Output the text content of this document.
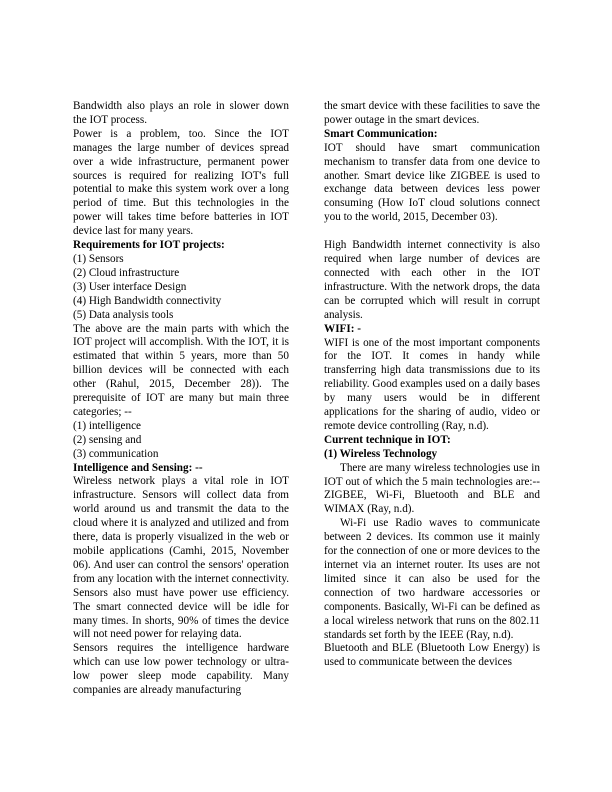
Bandwidth also plays an role in slower down the IOT process.

Power is a problem, too. Since the IOT manages the large number of devices spread over a wide infrastructure, permanent power sources is required for realizing IOT's full potential to make this system work over a long period of time. But this technologies in the power will takes time before batteries in IOT device last for many years.

Requirements for IOT projects:

(1) Sensors

(2) Cloud infrastructure

(3) User interface Design

(4) High Bandwidth connectivity

(5) Data analysis tools

The above are the main parts with which the IOT project will accomplish. With the IOT, it is estimated that within 5 years, more than 50 billion devices will be connected with each other (Rahul, 2015, December 28)). The prerequisite of IOT are many but main three categories; --

(1) intelligence

(2) sensing and

(3) communication

Intelligence and Sensing: --

Wireless network plays a vital role in IOT infrastructure. Sensors will collect data from world around us and transmit the data to the cloud where it is analyzed and utilized and from there, data is properly visualized in the web or mobile applications (Camhi, 2015, November 06). And user can control the sensors' operation from any location with the internet connectivity. Sensors also must have power use efficiency. The smart connected device will be idle for many times. In shorts, 90% of times the device will not need power for relaying data.

Sensors requires the intelligence hardware which can use low power technology or ultra-low power sleep mode capability. Many companies are already manufacturing

the smart device with these facilities to save the power outage in the smart devices.

Smart Communication:

IOT should have smart communication mechanism to transfer data from one device to another. Smart device like ZIGBEE is used to exchange data between devices less power consuming (How IoT cloud solutions connect you to the world, 2015, December 03).

High Bandwidth internet connectivity is also required when large number of devices are connected with each other in the IOT infrastructure. With the network drops, the data can be corrupted which will result in corrupt analysis.

WIFI: -

WIFI is one of the most important components for the IOT. It comes in handy while transferring high data transmissions due to its reliability. Good examples used on a daily bases by many users would be in different applications for the sharing of audio, video or remote device controlling (Ray, n.d).

Current technique in IOT:

(1) Wireless Technology

There are many wireless technologies use in IOT out of which the 5 main technologies are:-- ZIGBEE, Wi-Fi, Bluetooth and BLE and WIMAX (Ray, n.d).

Wi-Fi use Radio waves to communicate between 2 devices. Its common use it mainly for the connection of one or more devices to the internet via an internet router. Its uses are not limited since it can also be used for the connection of two hardware accessories or components. Basically, Wi-Fi can be defined as a local wireless network that runs on the 802.11 standards set forth by the IEEE (Ray, n.d).

Bluetooth and BLE (Bluetooth Low Energy) is used to communicate between the devices
